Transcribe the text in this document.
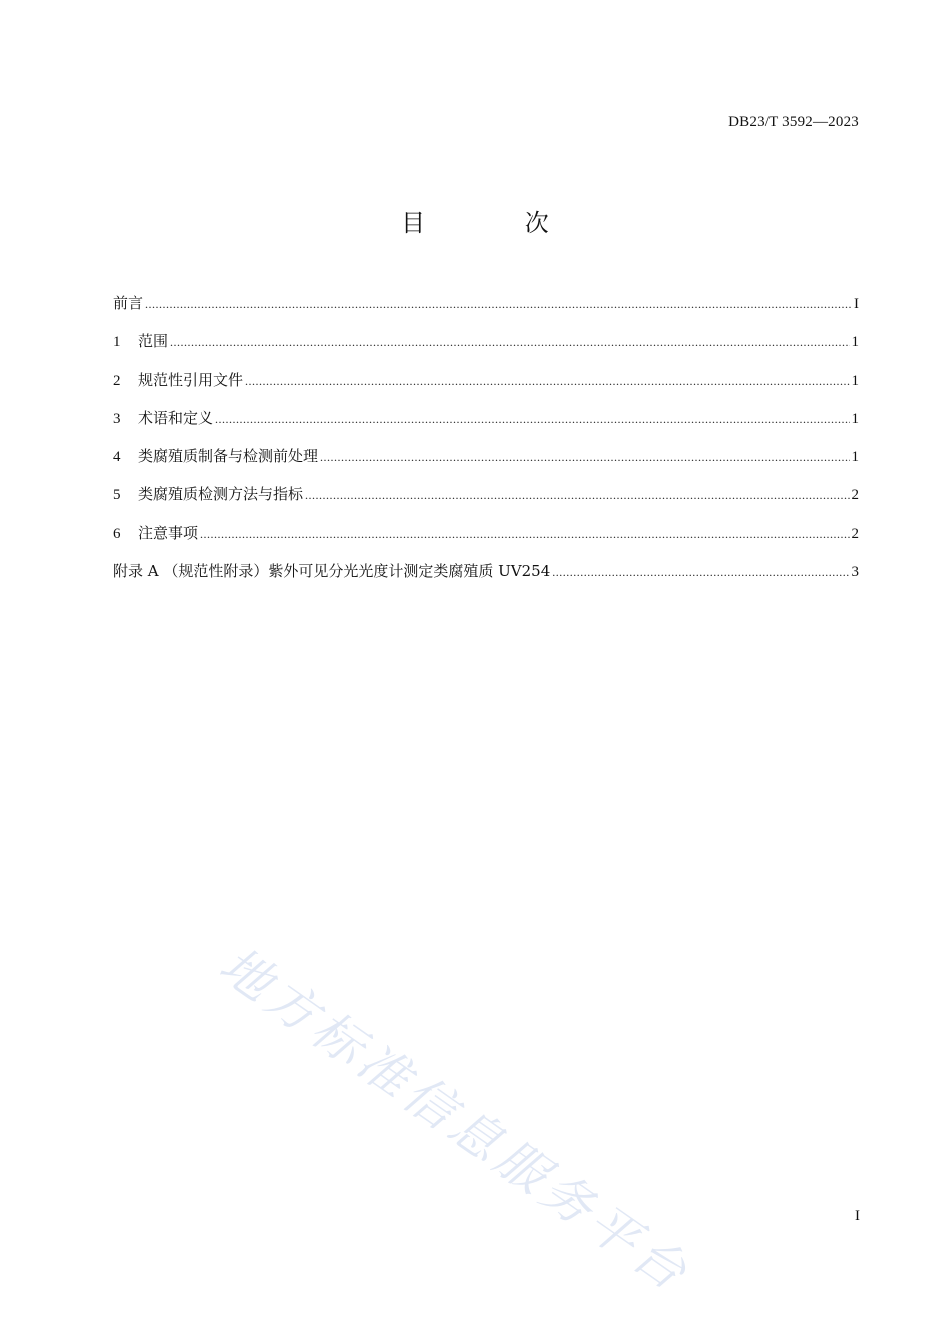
DB23/T 3592—2023
目 次
前言 .....	I
1	范围 .....	1
2	规范性引用文件 .....	1
3	术语和定义 .....	1
4	类腐殖质制备与检测前处理 .....	1
5	类腐殖质检测方法与指标 .....	2
6	注意事项 .....	2
附录 A （规范性附录）紫外可见分光光度计测定类腐殖质 UV254 .....	3
地方标准信息服务平台	I
